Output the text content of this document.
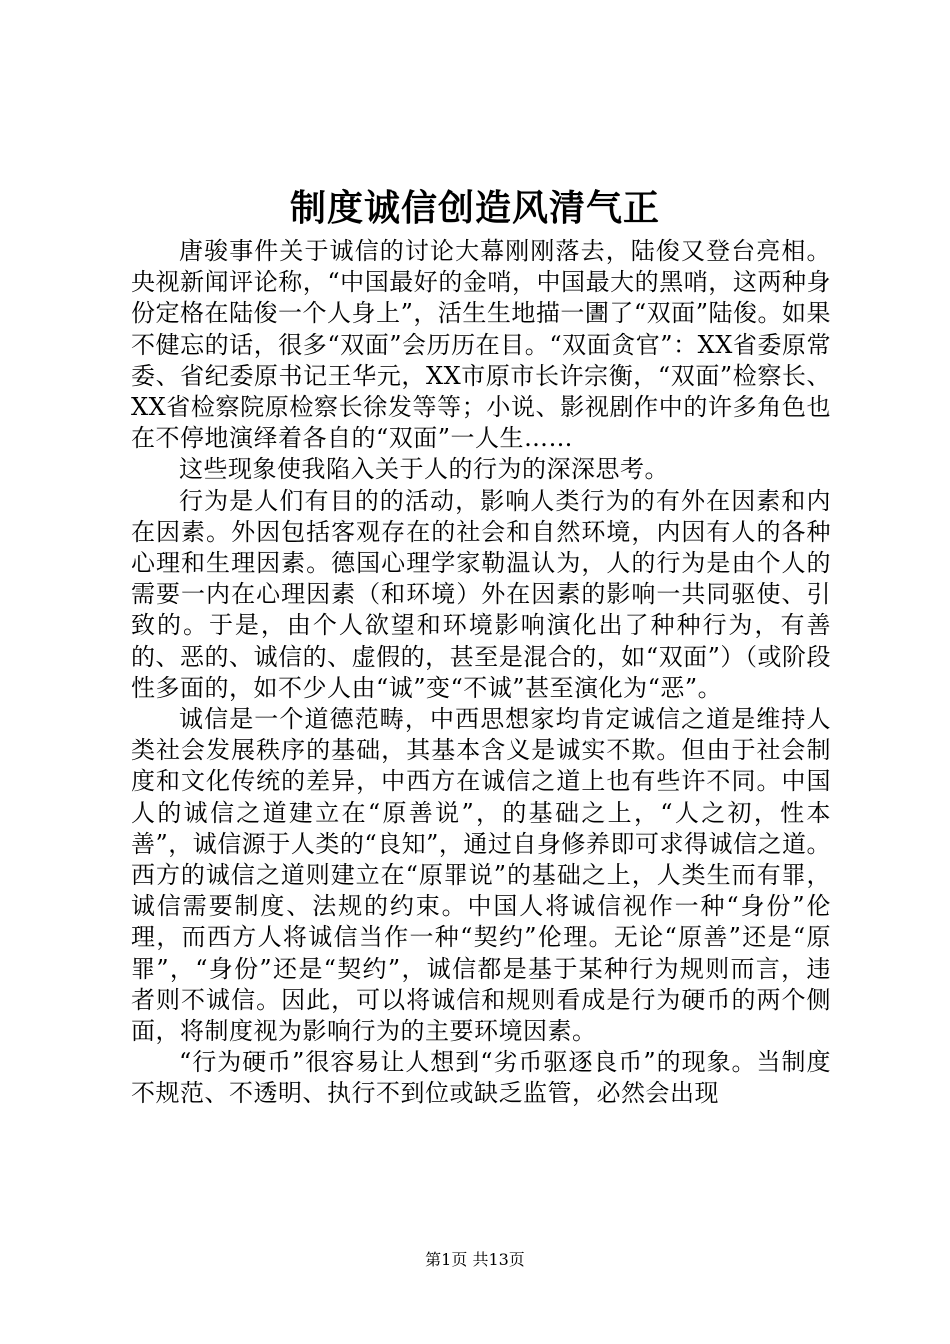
制度诚信创造风清气正

唐骏事件关于诚信的讨论大幕刚刚落去，陆俊又登台亮相。央视新闻评论称，“中国最好的金哨，中国最大的黑哨，这两种身份定格在陆俊一个人身上”，活生生地描一圕了“双面”陆俊。如果不健忘的话，很多“双面”会历历在目。“双面贪官”：XX省委原常委、省纪委原书记王华元，XX市原市长许宗衡，“双面”检察长、XX省检察院原检察长徐发等等；小说、影视剧作中的许多角色也在不停地演绎着各自的“双面”一人生……

这些现象使我陷入关于人的行为的深深思考。

行为是人们有目的的活动，影响人类行为的有外在因素和内在因素。外因包括客观存在的社会和自然环境，内因有人的各种心理和生理因素。德国心理学家勒温认为，人的行为是由个人的需要一内在心理因素（和环境）外在因素的影响一共同驱使、引致的。于是，由个人欲望和环境影响演化出了种种行为，有善的、恶的、诚信的、虚假的，甚至是混合的，如“双面”）（或阶段性多面的，如不少人由“诚”变“不诚”甚至演化为“恶”。

诚信是一个道德范畴，中西思想家均肯定诚信之道是维持人类社会发展秩序的基础，其基本含义是诚实不欺。但由于社会制度和文化传统的差异，中西方在诚信之道上也有些许不同。中国人的诚信之道建立在“原善说”，的基础之上，“人之初，性本善”，诚信源于人类的“良知”，通过自身修养即可求得诚信之道。西方的诚信之道则建立在“原罪说”的基础之上，人类生而有罪，诚信需要制度、法规的约束。中国人将诚信视作一种“身份”伦理，而西方人将诚信当作一种“契约”伦理。无论“原善”还是“原罪”，“身份”还是“契约”，诚信都是基于某种行为规则而言，违者则不诚信。因此，可以将诚信和规则看成是行为硬币的两个侧面，将制度视为影响行为的主要环境因素。

“行为硬币”很容易让人想到“劣币驱逐良币”的现象。当制度不规范、不透明、执行不到位或缺乏监管，必然会出现

第1页 共13页
